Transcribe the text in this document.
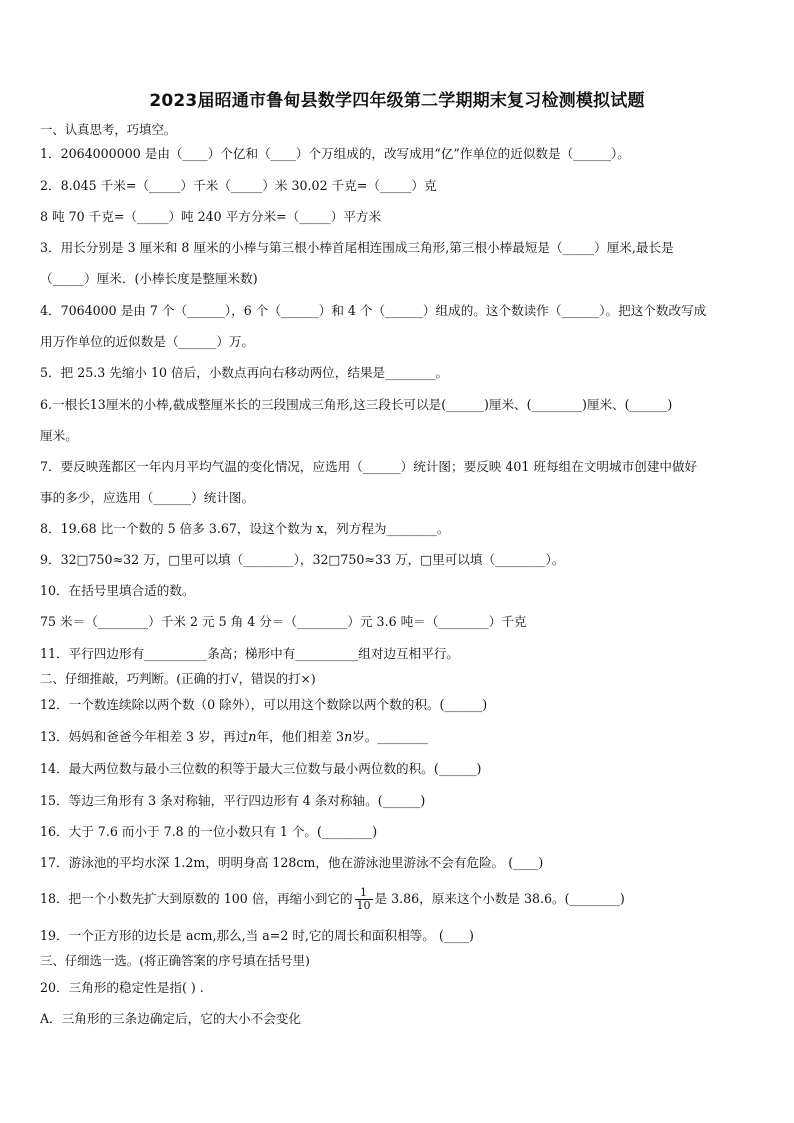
2023届昭通市鲁甸县数学四年级第二学期期末复习检测模拟试题
一、认真思考，巧填空。
1．2064000000 是由（____）个亿和（____）个万组成的，改写成用“亿”作单位的近似数是（______）。
2．8.045 千米=（_____）千米（_____）米 30.02 千克=（_____）克
8 吨 70 千克=（_____）吨 240 平方分米=（_____）平方米
3．用长分别是 3 厘米和 8 厘米的小棒与第三根小棒首尾相连围成三角形,第三根小棒最短是（_____）厘米,最长是
（_____）厘米．(小棒长度是整厘米数)
4．7064000 是由 7 个（______），6 个（______）和 4 个（______）组成的。这个数读作（______）。把这个数改写成
用万作单位的近似数是（______）万。
5．把 25.3 先缩小 10 倍后，小数点再向右移动两位，结果是________。
6.一根长13厘米的小棒,截成整厘米长的三段围成三角形,这三段长可以是(______)厘米、(________)厘米、(______)
厘米。
7．要反映莲都区一年内月平均气温的变化情况，应选用（______）统计图；要反映 401 班每组在文明城市创建中做好
事的多少，应选用（______）统计图。
8．19.68 比一个数的 5 倍多 3.67，设这个数为 x，列方程为________。
9．32□750≈32 万，□里可以填（________），32□750≈33 万，□里可以填（________）。
10．在括号里填合适的数。
75 米＝（________）千米 2 元 5 角 4 分＝（________）元 3.6 吨＝（________）千克
11．平行四边形有__________条高；梯形中有__________组对边互相平行。
二、仔细推敲，巧判断。(正确的打√，错误的打×)
12．一个数连续除以两个数（0 除外），可以用这个数除以两个数的积。(______)
13．妈妈和爸爸今年相差 3 岁，再过n年，他们相差 3n岁。________
14．最大两位数与最小三位数的积等于最大三位数与最小两位数的积。(______)
15．等边三角形有 3 条对称轴，平行四边形有 4 条对称轴。(______)
16．大于 7.6 而小于 7.8 的一位小数只有 1 个。(________)
17．游泳池的平均水深 1.2m，明明身高 128cm，他在游泳池里游泳不会有危险。 (____)
18．把一个小数先扩大到原数的 100 倍，再缩小到它的 $\frac{1}{10}$ 是 3.86，原来这个小数是 38.6。(________)
19．一个正方形的边长是 acm,那么,当 a=2 时,它的周长和面积相等。 (____)
三、仔细选一选。(将正确答案的序号填在括号里)
20．三角形的稳定性是指( ) .
A．三角形的三条边确定后，它的大小不会变化
